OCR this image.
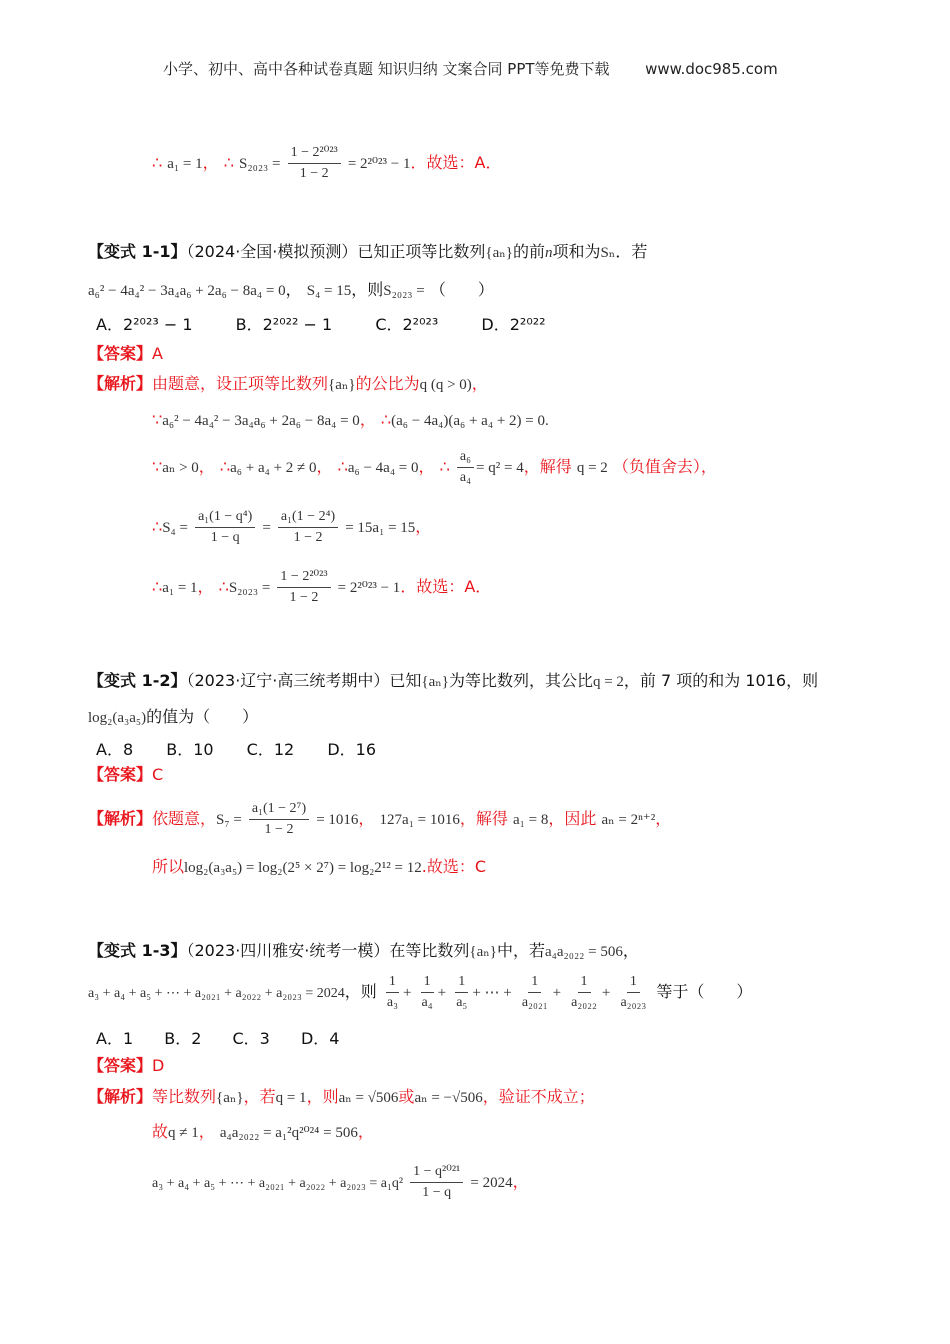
小学、初中、高中各种试卷真题 知识归纳 文案合同 PPT等免费下载 www.doc985.com
∴ a₁ = 1， ∴ $S_{2023} = \frac{\text{1 − 2²⁰²³}}{1 - 2} = 2^{2023} - 1$．故选：A．
【变式 1-1】（2024·全国·模拟预测）已知正项等比数列{aₙ}的前n项和为Sₙ．若
a₆² − 4a₄² − 3a₄a₆ + 2a₆ − 8a₄ = 0， S₄ = 15，则S₂₀₂₃ = （　　）
A．2²⁰²³ − 1	B．2²⁰²² − 1	C．2²⁰²³	D．2²⁰²²
【答案】A
【解析】由题意，设正项等比数列{aₙ}的公比为q (q > 0)，
∵a₆² − 4a₄² − 3a₄a₆ + 2a₆ − 8a₄ = 0， ∴(a₆ − 4a₄)(a₆ + a₄ + 2) = 0.
∵aₙ > 0， ∴a₆ + a₄ + 2 ≠ 0， ∴a₆ − 4a₄ = 0， ∴ $\frac{\text{a₆}}{\text{a₄}} = q^2 = 4$，解得 q = 2 （负值舍去），
∴S₄ = $\frac{\text{a₁(1 − q⁴)}}{1 - q} = \frac{\text{a₁(1 − 2⁴)}}{1 - 2} = 15a_1 = 15$，
∴a₁ = 1， ∴S₂₀₂₃ = $\frac{\text{1 − 2²⁰²³}}{1 - 2} = 2^{2023} - 1$．故选：A．
【变式 1-2】（2023·辽宁·高三统考期中）已知{aₙ}为等比数列，其公比q = 2，前 7 项的和为 1016，则
log₂(a₃a₅)的值为（　　）
A．8 B．10 C．12 D．16
【答案】C
【解析】依题意，$S_7 = \frac{\text{a₁(1 − 2⁷)}}{1 - 2} = 1016$， 127a₁ = 1016，解得 a₁ = 8，因此 aₙ = 2ⁿ⁺²，
所以log₂(a₃a₅) = log₂(2⁵ × 2⁷) = log₂2¹² = 12.故选：C
【变式 1-3】（2023·四川雅安·统考一模）在等比数列{aₙ}中，若a₄a₂₀₂₂ = 506，
a₃ + a₄ + a₅ + ⋯ + a₂₀₂₁ + a₂₀₂₂ + a₂₀₂₃ = 2024，则 $\frac{1}{\text{a₃}} + \frac{1}{\text{a₄}} + \frac{1}{\text{a₅}}$ + ⋯ + $\frac{1}{\text{a₂₀₂₁}} + \frac{1}{\text{a₂₀₂₂}} + \frac{1}{\text{a₂₀₂₃}}$ 等于（　　）
A．1 B．2 C．3 D．4
【答案】D
【解析】等比数列{aₙ}，若q = 1，则aₙ = √506或aₙ = −√506，验证不成立；
故q ≠ 1， a₄a₂₀₂₂ = a₁²q²⁰²⁴ = 506，
a₃ + a₄ + a₅ + ⋯ + $a_{2021} + a_{2022} + a_{2023} = a_1q^2 \frac{\text{1 − q²⁰²¹}}{1 - q} = 2024$，
